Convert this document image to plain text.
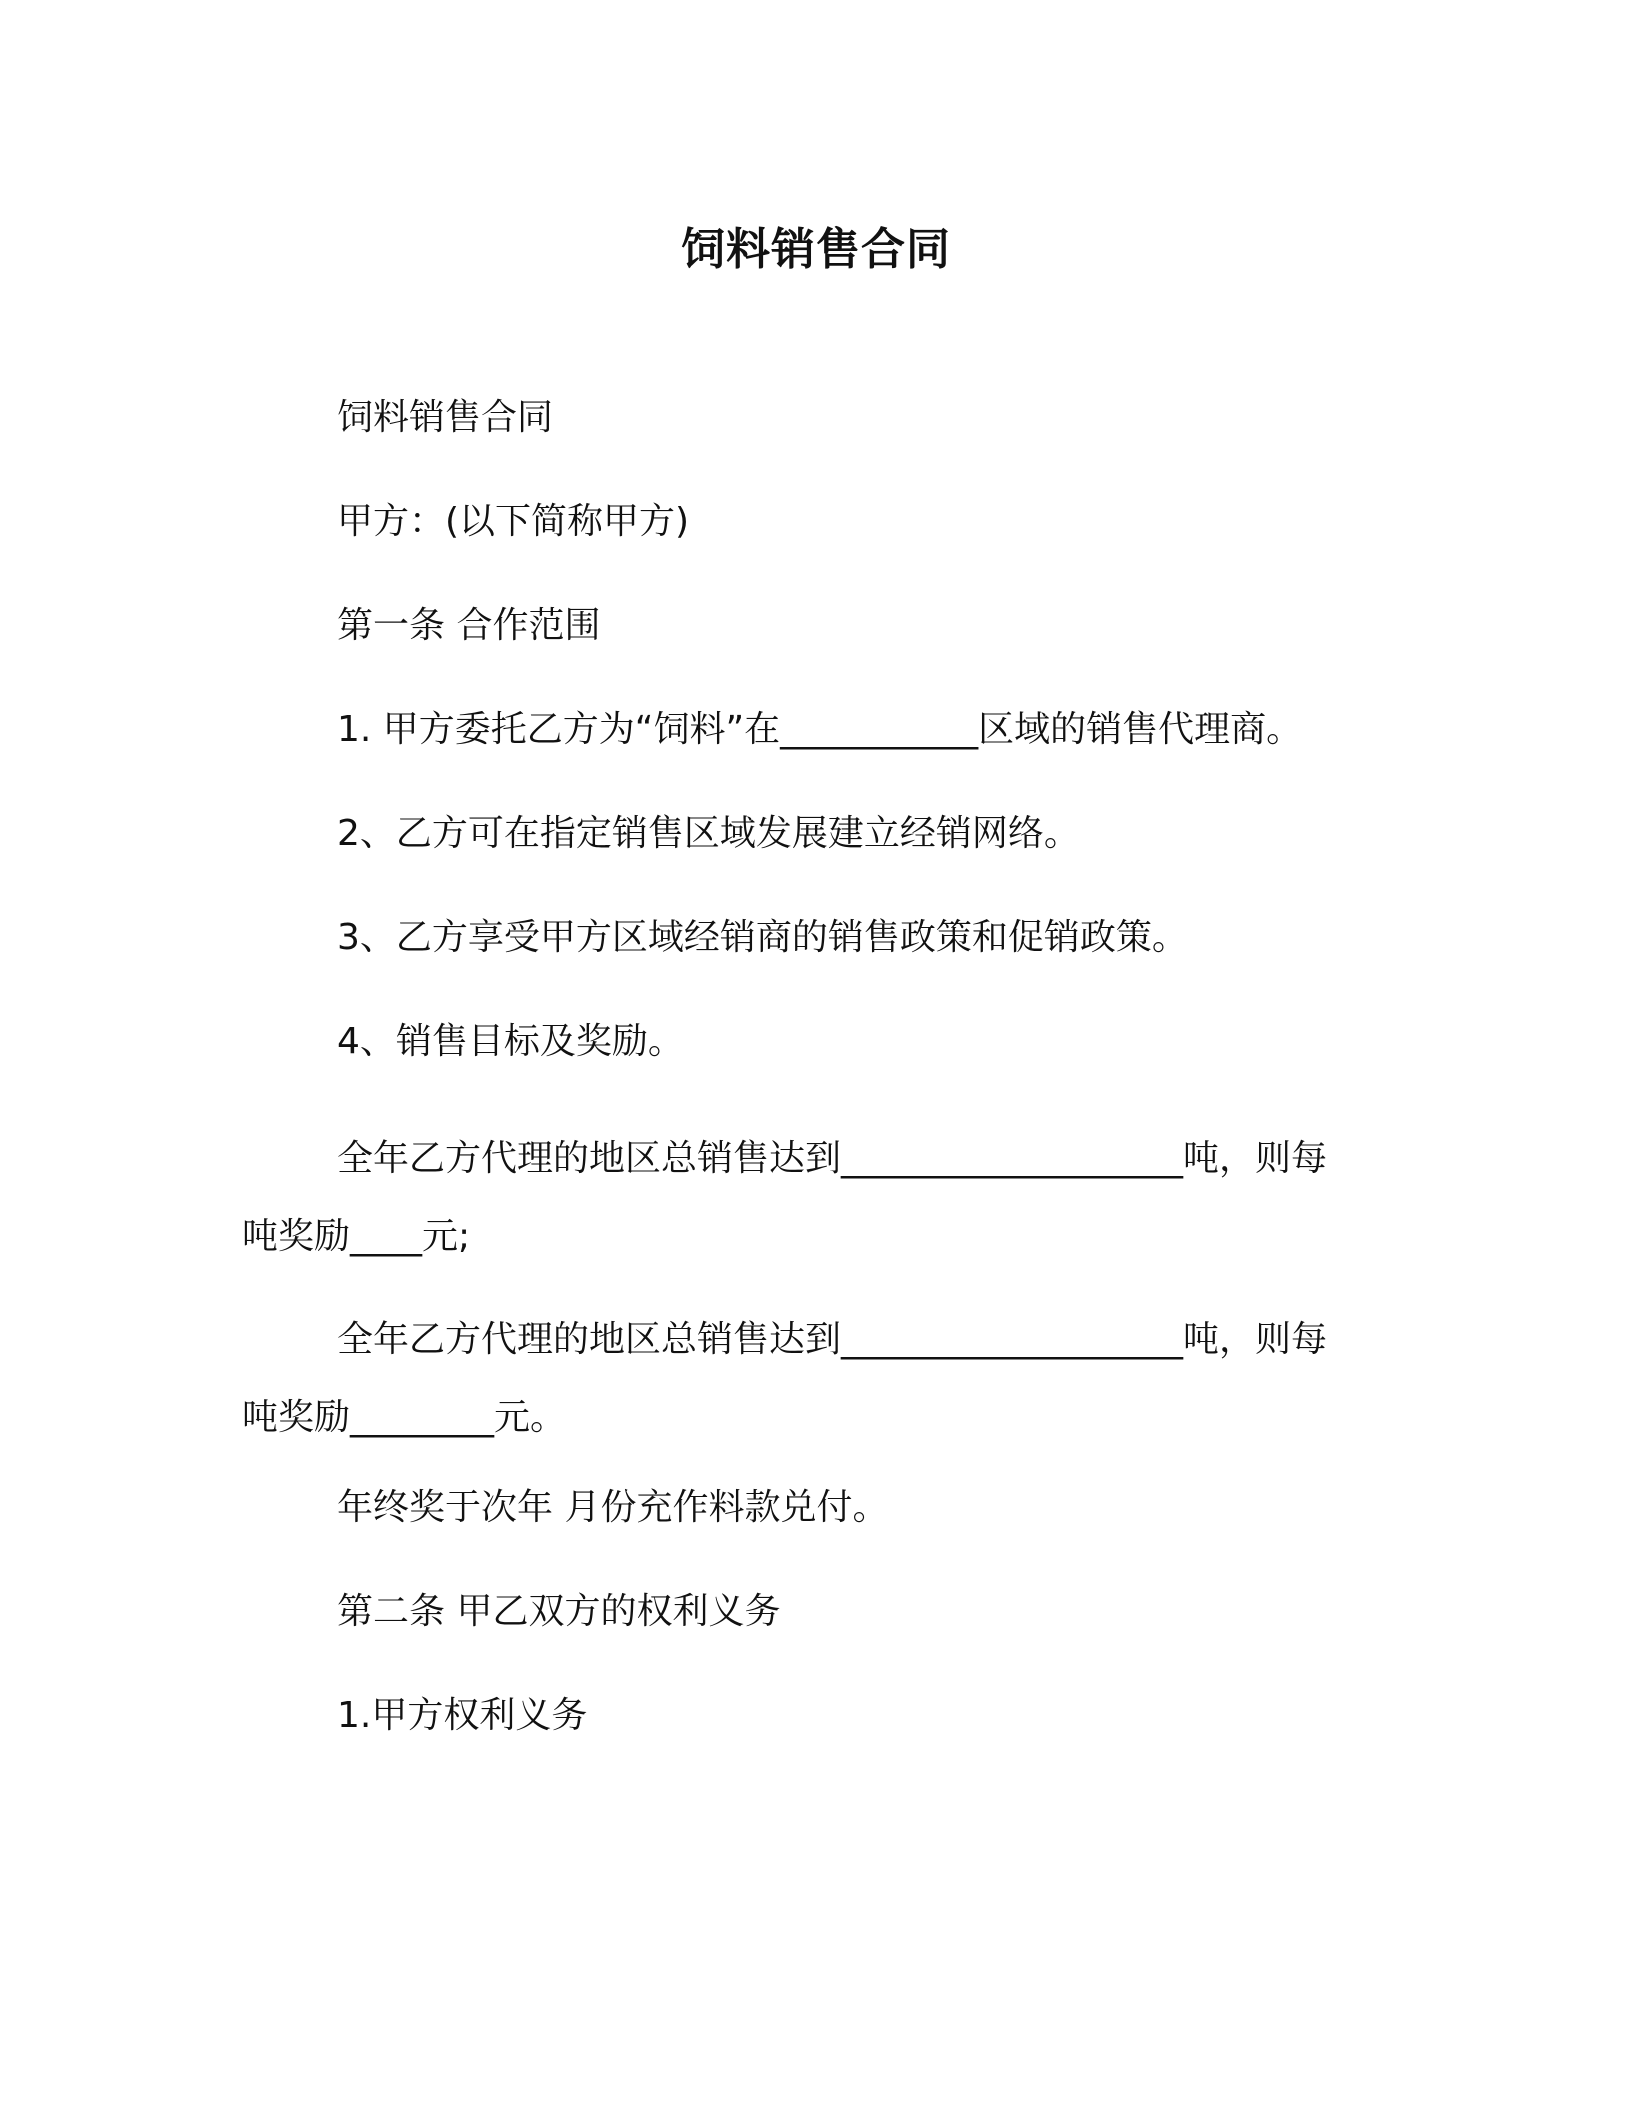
饲料销售合同

饲料销售合同

甲方：(以下简称甲方)

第一条 合作范围

1. 甲方委托乙方为“饲料”在___________区域的销售代理商。

2、乙方可在指定销售区域发展建立经销网络。

3、乙方享受甲方区域经销商的销售政策和促销政策。

4、销售目标及奖励。

全年乙方代理的地区总销售达到___________________吨，则每吨奖励____元;

全年乙方代理的地区总销售达到___________________吨，则每吨奖励________元。

年终奖于次年 月份充作料款兑付。

第二条 甲乙双方的权利义务

1.甲方权利义务
